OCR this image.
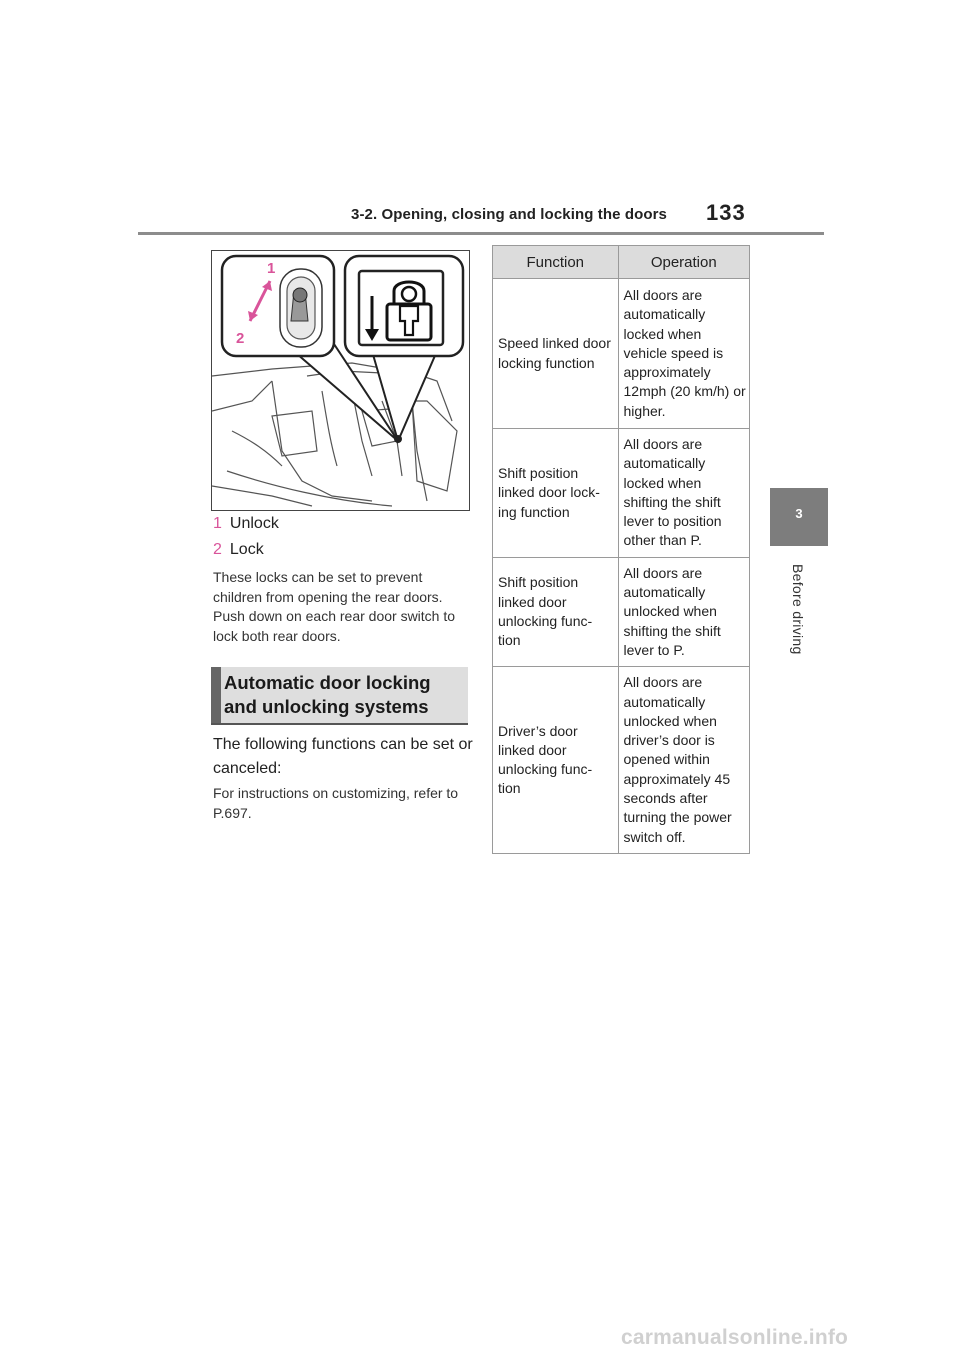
3-2. Opening, closing and locking the doors 133
3
Before driving
1
2
1 Unlock
2 Lock
These locks can be set to prevent children from opening the rear doors. Push down on each rear door switch to lock both rear doors.
Automatic door locking and unlocking systems
The following functions can be set or canceled:
For instructions on customizing, refer to P.697.
Function	Operation
Speed linked door locking function	All doors are automatically locked when vehicle speed is approximately 12mph (20 km/h) or higher.
Shift position linked door lock-ing function	All doors are automatically locked when shifting the shift lever to position other than P.
Shift position linked door unlocking func-tion	All doors are automatically unlocked when shifting the shift lever to P.
Driver’s door linked door unlocking func-tion	All doors are automatically unlocked when driver’s door is opened within approximately 45 seconds after turning the power switch off.
carmanualsonline.info
